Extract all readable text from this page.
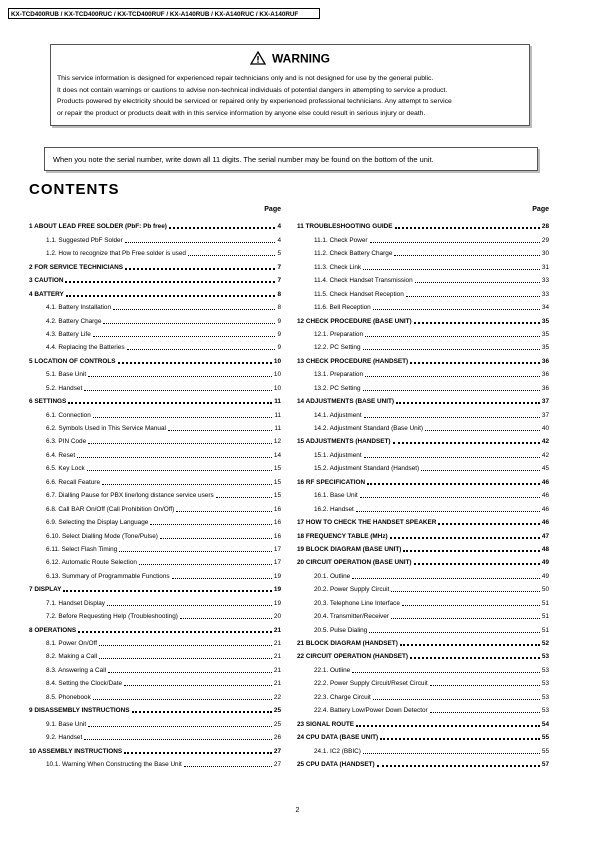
KX-TCD400RUB / KX-TCD400RUC / KX-TCD400RUF / KX-A140RUB / KX-A140RUC / KX-A140RUF
WARNING
This service information is designed for experienced repair technicians only and is not designed for use by the general public.
It does not contain warnings or cautions to advise non-technical individuals of potential dangers in attempting to service a product.
Products powered by electricity should be serviced or repaired only by experienced professional technicians. Any attempt to service
or repair the product or products dealt with in this service information by anyone else could result in serious injury or death.
When you note the serial number, write down all 11 digits. The serial number may be found on the bottom of the unit.
CONTENTS
Page
1 ABOUT LEAD FREE SOLDER (PbF: Pb free)	4
1.1. Suggested PbF Solder	4
1.2. How to recognize that Pb Free solder is used	5
2 FOR SERVICE TECHNICIANS	7
3 CAUTION	7
4 BATTERY	8
4.1. Battery Installation	8
4.2. Battery Charge	9
4.3. Battery Life	9
4.4. Replacing the Batteries	9
5 LOCATION OF CONTROLS	10
5.1. Base Unit	10
5.2. Handset	10
6 SETTINGS	11
6.1. Connection	11
6.2. Symbols Used in This Service Manual	11
6.3. PIN Code	12
6.4. Reset	14
6.5. Key Lock	15
6.6. Recall Feature	15
6.7. Dialling Pause for PBX line/long distance service users	15
6.8. Call BAR On/Off (Call Prohibition On/Off)	16
6.9. Selecting the Display Language	16
6.10. Select Dialling Mode (Tone/Pulse)	16
6.11. Select Flash Timing	17
6.12. Automatic Route Selection	17
6.13. Summary of Programmable Functions	19
7 DISPLAY	19
7.1. Handset Display	19
7.2. Before Requesting Help (Troubleshooting)	20
8 OPERATIONS	21
8.1. Power On/Off	21
8.2. Making a Call	21
8.3. Answering a Call	21
8.4. Setting the Clock/Date	21
8.5. Phonebook	22
9 DISASSEMBLY INSTRUCTIONS	25
9.1. Base Unit	25
9.2. Handset	26
10 ASSEMBLY INSTRUCTIONS	27
10.1. Warning When Constructing the Base Unit	27
Page
11 TROUBLESHOOTING GUIDE	28
11.1. Check Power	29
11.2. Check Battery Charge	30
11.3. Check Link	31
11.4. Check Handset Transmission	33
11.5. Check Handset Reception	33
11.6. Bell Reception	34
12 CHECK PROCEDURE (BASE UNIT)	35
12.1. Preparation	35
12.2. PC Setting	35
13 CHECK PROCEDURE (HANDSET)	36
13.1. Preparation	36
13.2. PC Setting	36
14 ADJUSTMENTS (BASE UNIT)	37
14.1. Adjustment	37
14.2. Adjustment Standard (Base Unit)	40
15 ADJUSTMENTS (HANDSET)	42
15.1. Adjustment	42
15.2. Adjustment Standard (Handset)	45
16 RF SPECIFICATION	46
16.1. Base Unit	46
16.2. Handset	46
17 HOW TO CHECK THE HANDSET SPEAKER	46
18 FREQUENCY TABLE (MHz)	47
19 BLOCK DIAGRAM (BASE UNIT)	48
20 CIRCUIT OPERATION (BASE UNIT)	49
20.1. Outline	49
20.2. Power Supply Circuit	50
20.3. Telephone Line Interface	51
20.4. Transmitter/Receiver	51
20.5. Pulse Dialing	51
21 BLOCK DIAGRAM (HANDSET)	52
22 CIRCUIT OPERATION (HANDSET)	53
22.1. Outline	53
22.2. Power Supply Circuit/Reset Circuit	53
22.3. Charge Circuit	53
22.4. Battery Low/Power Down Detector	53
23 SIGNAL ROUTE	54
24 CPU DATA (BASE UNIT)	55
24.1. IC2 (BBIC)	55
25 CPU DATA (HANDSET)	57
2
